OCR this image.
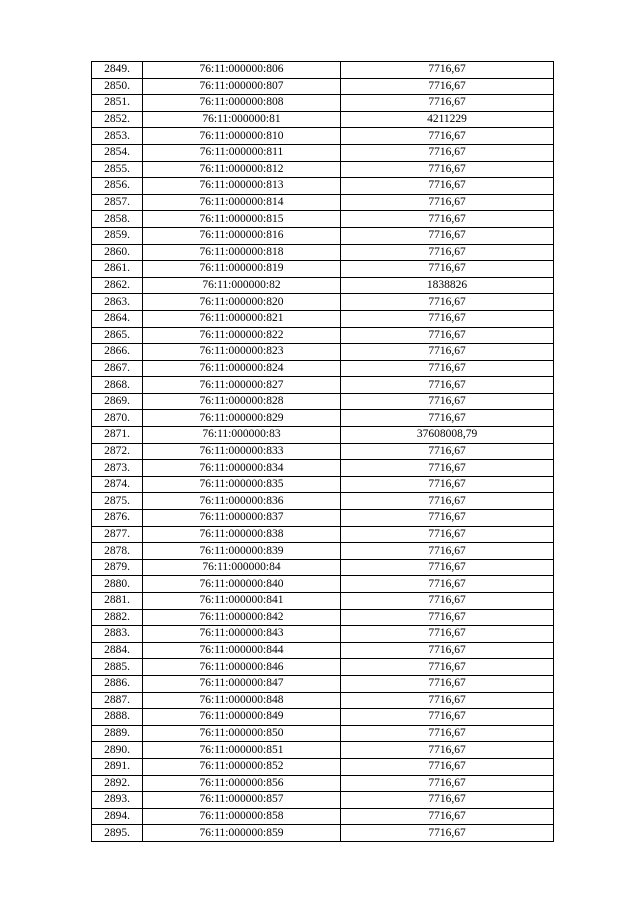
2849.	76:11:000000:806	7716,67
2850.	76:11:000000:807	7716,67
2851.	76:11:000000:808	7716,67
2852.	76:11:000000:81	4211229
2853.	76:11:000000:810	7716,67
2854.	76:11:000000:811	7716,67
2855.	76:11:000000:812	7716,67
2856.	76:11:000000:813	7716,67
2857.	76:11:000000:814	7716,67
2858.	76:11:000000:815	7716,67
2859.	76:11:000000:816	7716,67
2860.	76:11:000000:818	7716,67
2861.	76:11:000000:819	7716,67
2862.	76:11:000000:82	1838826
2863.	76:11:000000:820	7716,67
2864.	76:11:000000:821	7716,67
2865.	76:11:000000:822	7716,67
2866.	76:11:000000:823	7716,67
2867.	76:11:000000:824	7716,67
2868.	76:11:000000:827	7716,67
2869.	76:11:000000:828	7716,67
2870.	76:11:000000:829	7716,67
2871.	76:11:000000:83	37608008,79
2872.	76:11:000000:833	7716,67
2873.	76:11:000000:834	7716,67
2874.	76:11:000000:835	7716,67
2875.	76:11:000000:836	7716,67
2876.	76:11:000000:837	7716,67
2877.	76:11:000000:838	7716,67
2878.	76:11:000000:839	7716,67
2879.	76:11:000000:84	7716,67
2880.	76:11:000000:840	7716,67
2881.	76:11:000000:841	7716,67
2882.	76:11:000000:842	7716,67
2883.	76:11:000000:843	7716,67
2884.	76:11:000000:844	7716,67
2885.	76:11:000000:846	7716,67
2886.	76:11:000000:847	7716,67
2887.	76:11:000000:848	7716,67
2888.	76:11:000000:849	7716,67
2889.	76:11:000000:850	7716,67
2890.	76:11:000000:851	7716,67
2891.	76:11:000000:852	7716,67
2892.	76:11:000000:856	7716,67
2893.	76:11:000000:857	7716,67
2894.	76:11:000000:858	7716,67
2895.	76:11:000000:859	7716,67
